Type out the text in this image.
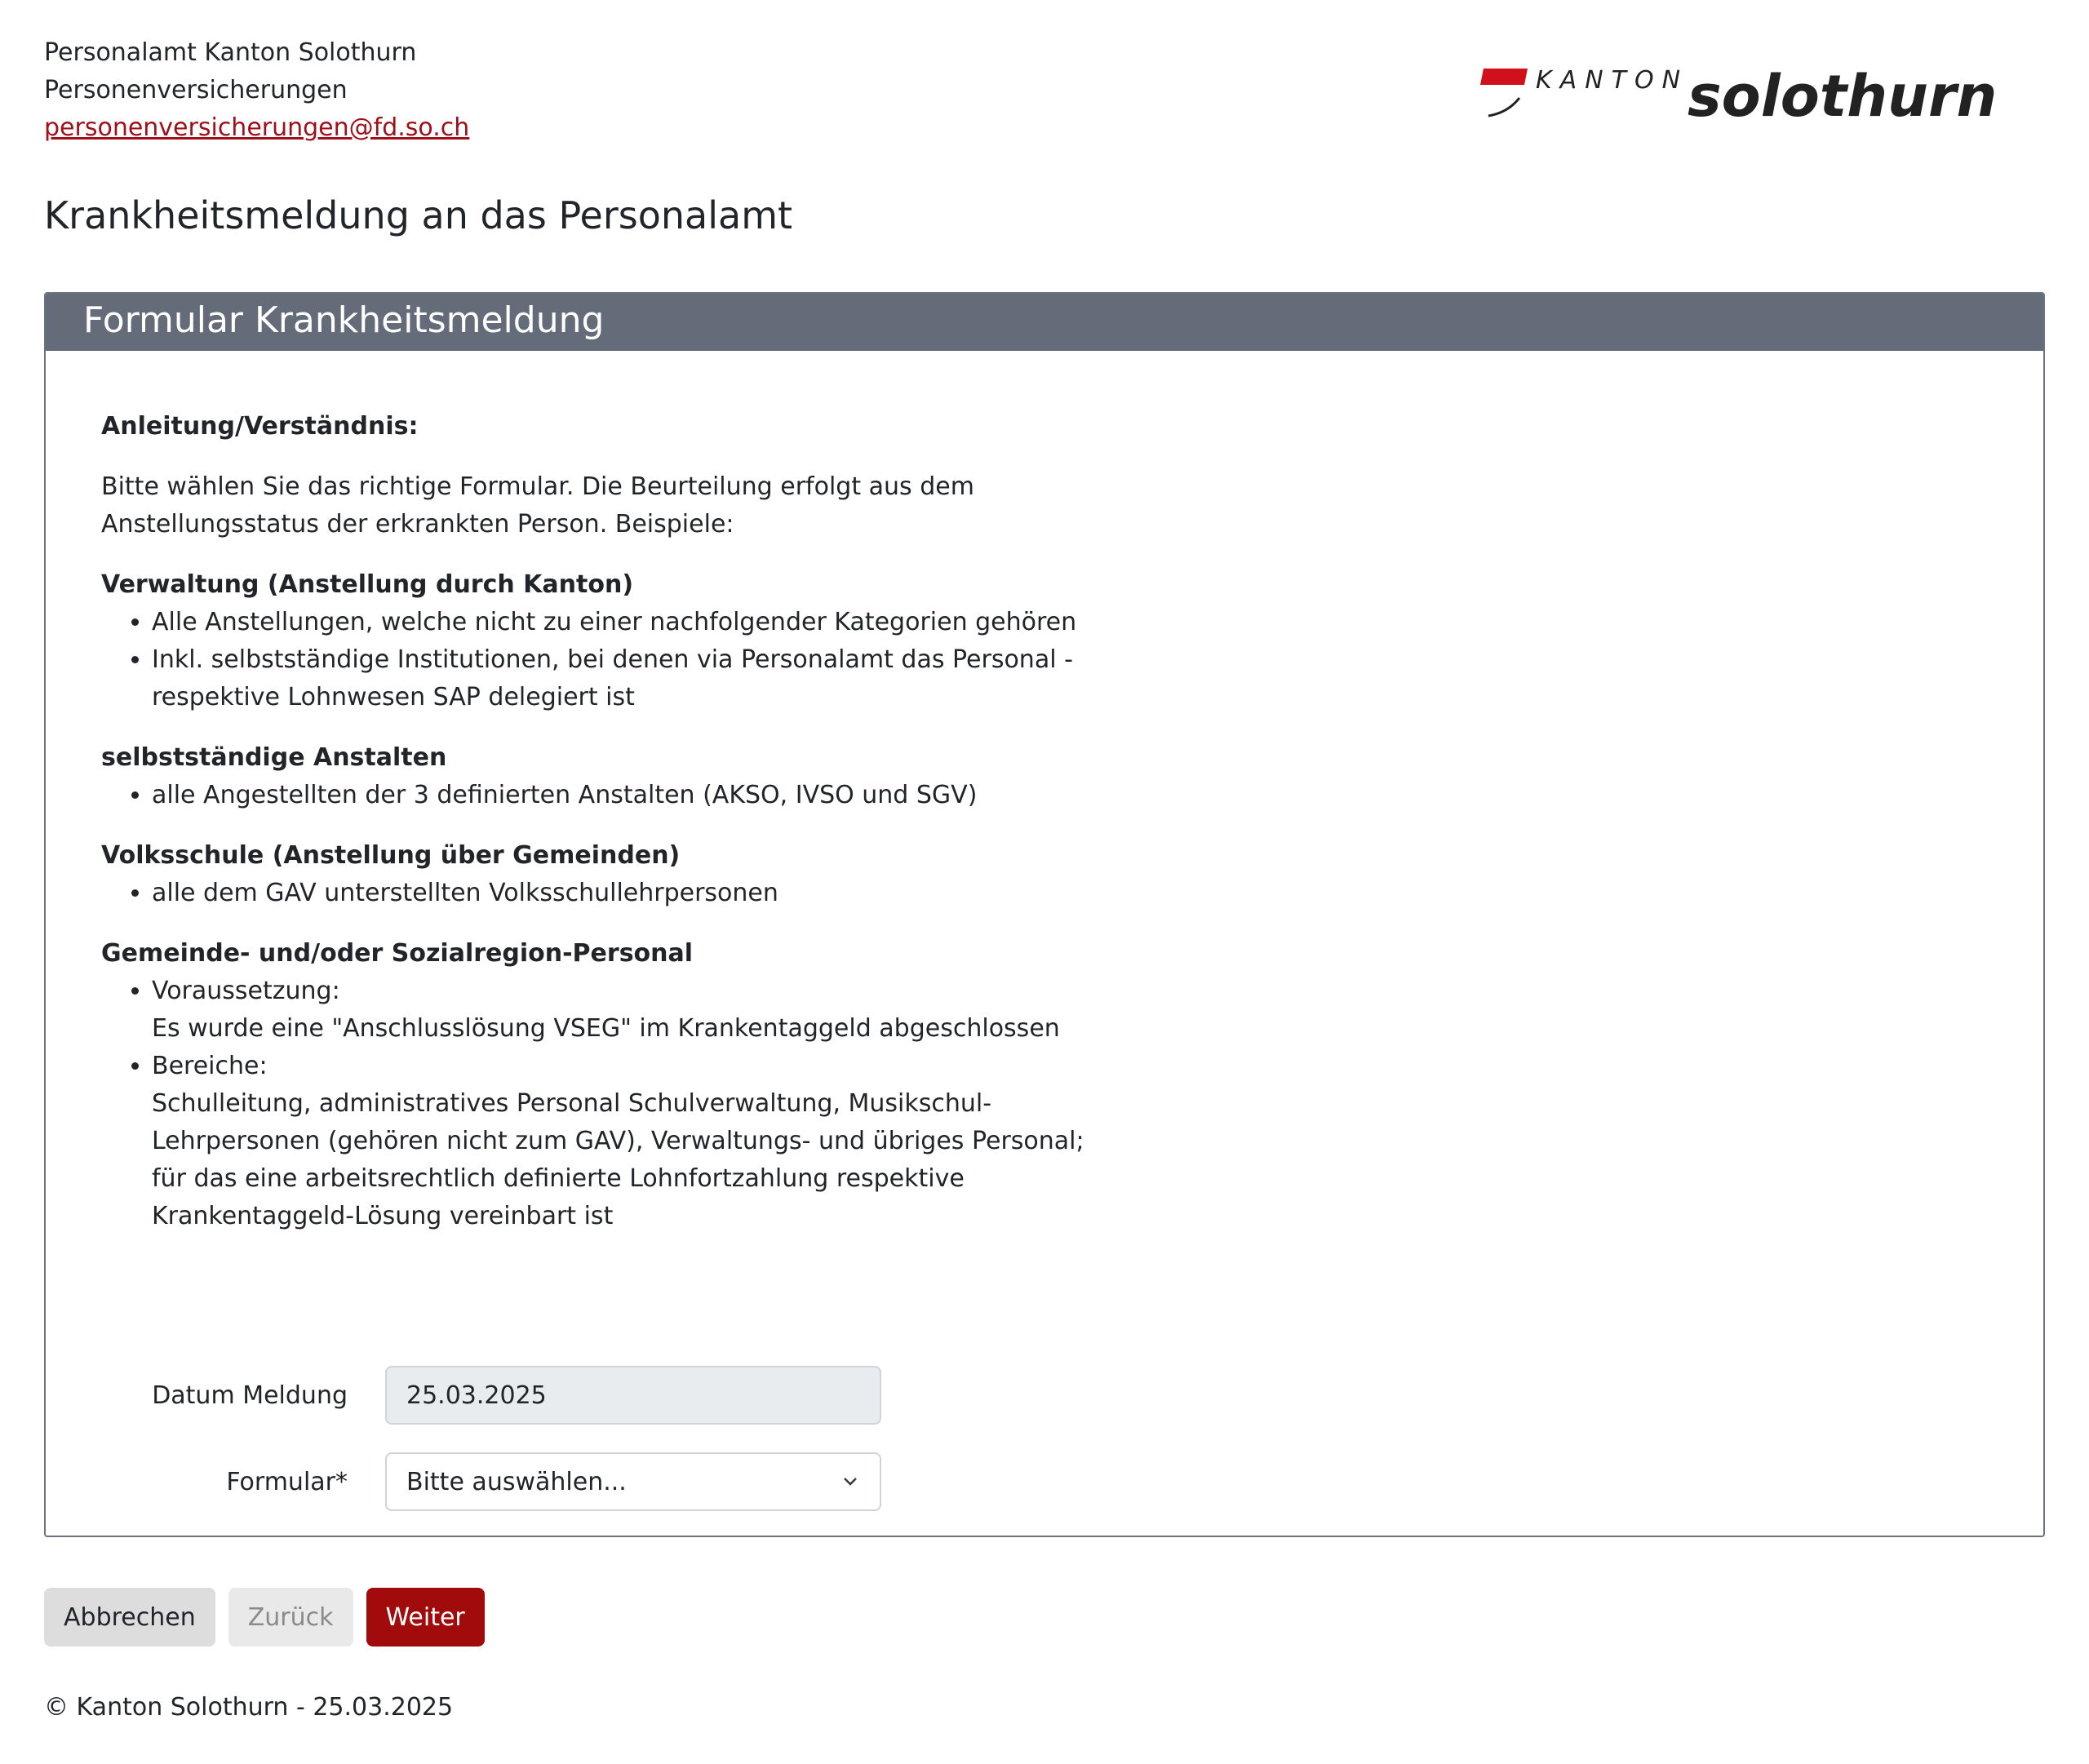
Personalamt Kanton Solothurn
Personenversicherungen
personenversicherungen@fd.so.ch
KANTON
solothurn
Krankheitsmeldung an das Personalamt
Formular Krankheitsmeldung

Anleitung/Verständnis:

Bitte wählen Sie das richtige Formular. Die Beurteilung erfolgt aus dem Anstellungsstatus der erkrankten Person. Beispiele:

Verwaltung (Anstellung durch Kanton)

• Alle Anstellungen, welche nicht zu einer nachfolgender Kategorien gehören
• Inkl. selbstständige Institutionen, bei denen via Personalamt das Personal - respektive Lohnwesen SAP delegiert ist

selbstständige Anstalten

• alle Angestellten der 3 definierten Anstalten (AKSO, IVSO und SGV)

Volksschule (Anstellung über Gemeinden)

• alle dem GAV unterstellten Volksschullehrpersonen

Gemeinde- und/oder Sozialregion-Personal

• Voraussetzung:
Es wurde eine "Anschlusslösung VSEG" im Krankentaggeld abgeschlossen
• Bereiche:
Schulleitung, administratives Personal Schulverwaltung, Musikschul-Lehrpersonen (gehören nicht zum GAV), Verwaltungs- und übriges Personal; für das eine arbeitsrechtlich definierte Lohnfortzahlung respektive Krankentaggeld-Lösung vereinbart ist
Datum Meldung	25.03.2025
Formular*	Bitte auswählen...
Abbrechen	Zurück	Weiter
© Kanton Solothurn - 25.03.2025
